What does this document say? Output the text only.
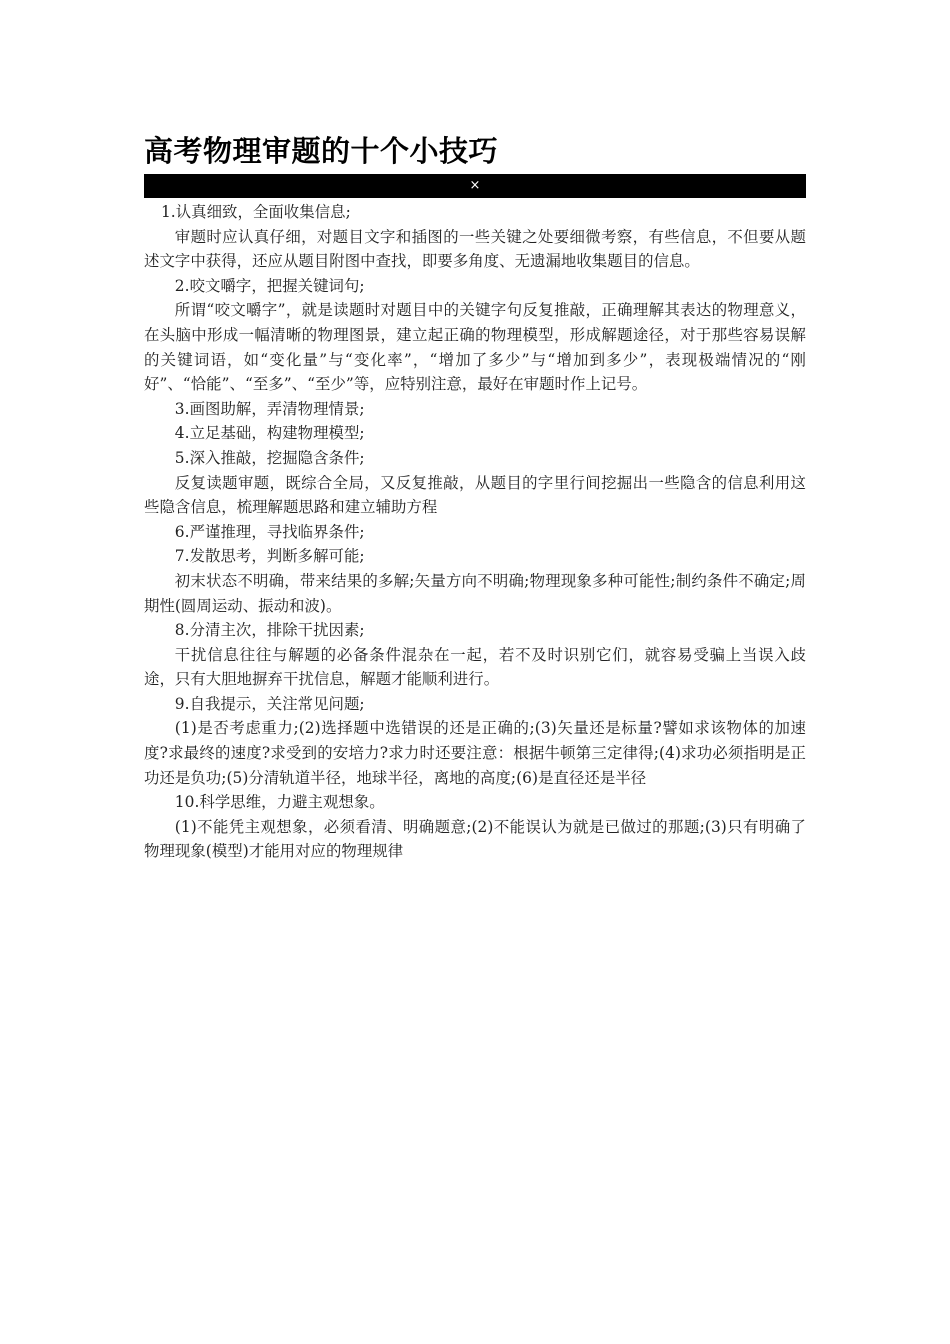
高考物理审题的十个小技巧
×

1.认真细致，全面收集信息;

审题时应认真仔细，对题目文字和插图的一些关键之处要细微考察，有些信息，不但要从题述文字中获得，还应从题目附图中查找，即要多角度、无遗漏地收集题目的信息。

2.咬文嚼字，把握关键词句;

所谓“咬文嚼字”，就是读题时对题目中的关键字句反复推敲，正确理解其表达的物理意义，在头脑中形成一幅清晰的物理图景，建立起正确的物理模型，形成解题途径，对于那些容易误解的关键词语，如“变化量”与“变化率”，“增加了多少”与“增加到多少”，表现极端情况的“刚好”、“恰能”、“至多”、“至少”等，应特别注意，最好在审题时作上记号。

3.画图助解，弄清物理情景;

4.立足基础，构建物理模型;

5.深入推敲，挖掘隐含条件;

反复读题审题，既综合全局，又反复推敲，从题目的字里行间挖掘出一些隐含的信息利用这些隐含信息，梳理解题思路和建立辅助方程

6.严谨推理，寻找临界条件;

7.发散思考，判断多解可能;

初末状态不明确，带来结果的多解;矢量方向不明确;物理现象多种可能性;制约条件不确定;周期性(圆周运动、振动和波)。

8.分清主次，排除干扰因素;

干扰信息往往与解题的必备条件混杂在一起，若不及时识别它们，就容易受骗上当误入歧途，只有大胆地摒弃干扰信息，解题才能顺利进行。

9.自我提示，关注常见问题;

(1)是否考虑重力;(2)选择题中选错误的还是正确的;(3)矢量还是标量?譬如求该物体的加速度?求最终的速度?求受到的安培力?求力时还要注意：根据牛顿第三定律得;(4)求功必须指明是正功还是负功;(5)分清轨道半径，地球半径，离地的高度;(6)是直径还是半径

10.科学思维，力避主观想象。

(1)不能凭主观想象，必须看清、明确题意;(2)不能误认为就是已做过的那题;(3)只有明确了物理现象(模型)才能用对应的物理规律
